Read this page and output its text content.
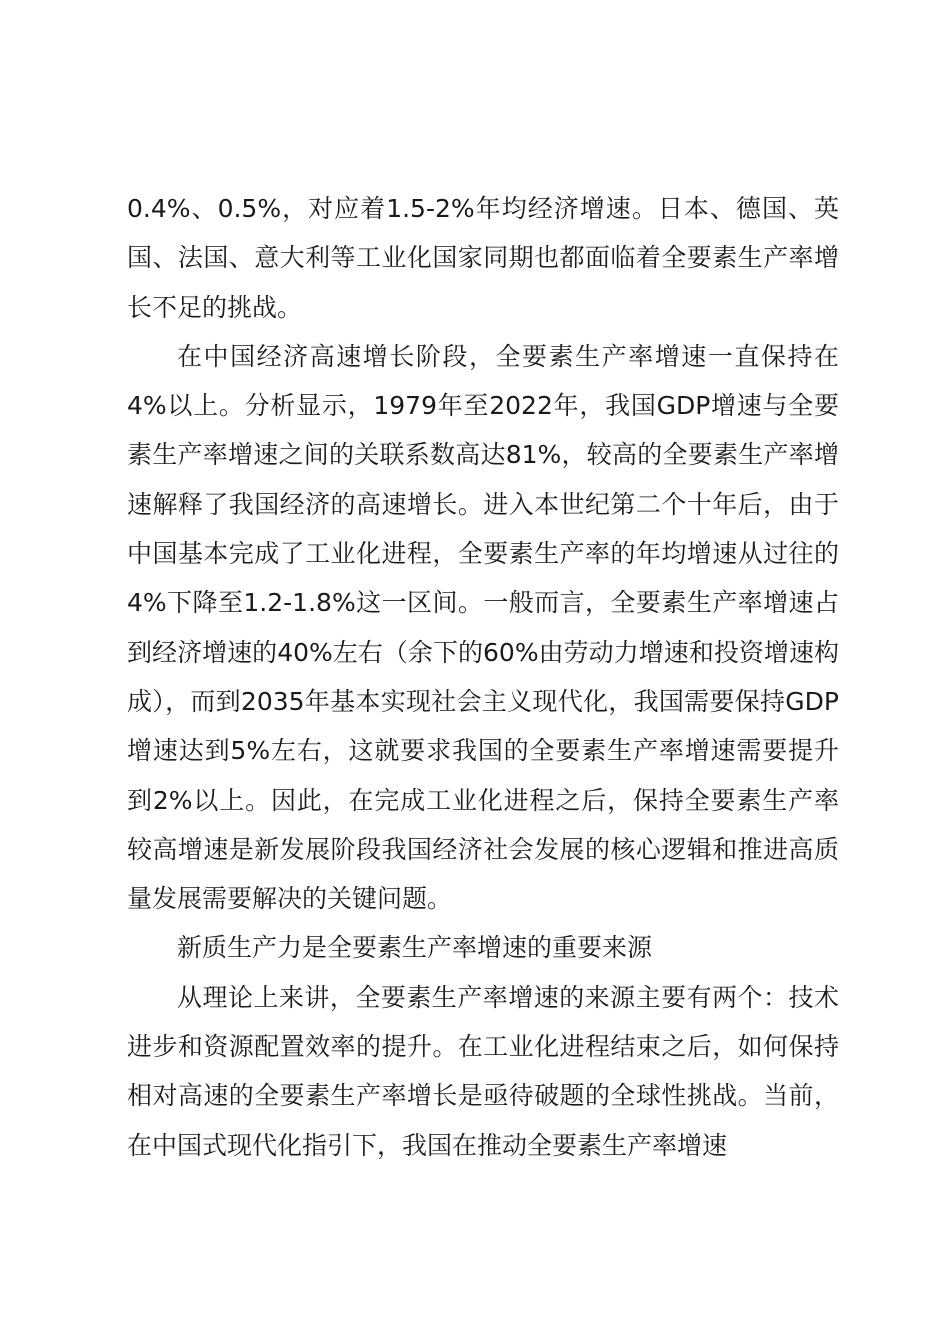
0.4%、0.5%，对应着1.5-2%年均经济增速。日本、德国、英国、法国、意大利等工业化国家同期也都面临着全要素生产率增长不足的挑战。

在中国经济高速增长阶段，全要素生产率增速一直保持在4%以上。分析显示，1979年至2022年，我国GDP增速与全要素生产率增速之间的关联系数高达81%，较高的全要素生产率增速解释了我国经济的高速增长。进入本世纪第二个十年后，由于中国基本完成了工业化进程，全要素生产率的年均增速从过往的4%下降至1.2-1.8%这一区间。一般而言，全要素生产率增速占到经济增速的40%左右（余下的60%由劳动力增速和投资增速构成），而到2035年基本实现社会主义现代化，我国需要保持GDP增速达到5%左右，这就要求我国的全要素生产率增速需要提升到2%以上。因此，在完成工业化进程之后，保持全要素生产率较高增速是新发展阶段我国经济社会发展的核心逻辑和推进高质量发展需要解决的关键问题。

新质生产力是全要素生产率增速的重要来源

从理论上来讲，全要素生产率增速的来源主要有两个：技术进步和资源配置效率的提升。在工业化进程结束之后，如何保持相对高速的全要素生产率增长是亟待破题的全球性挑战。当前，在中国式现代化指引下，我国在推动全要素生产率增速
